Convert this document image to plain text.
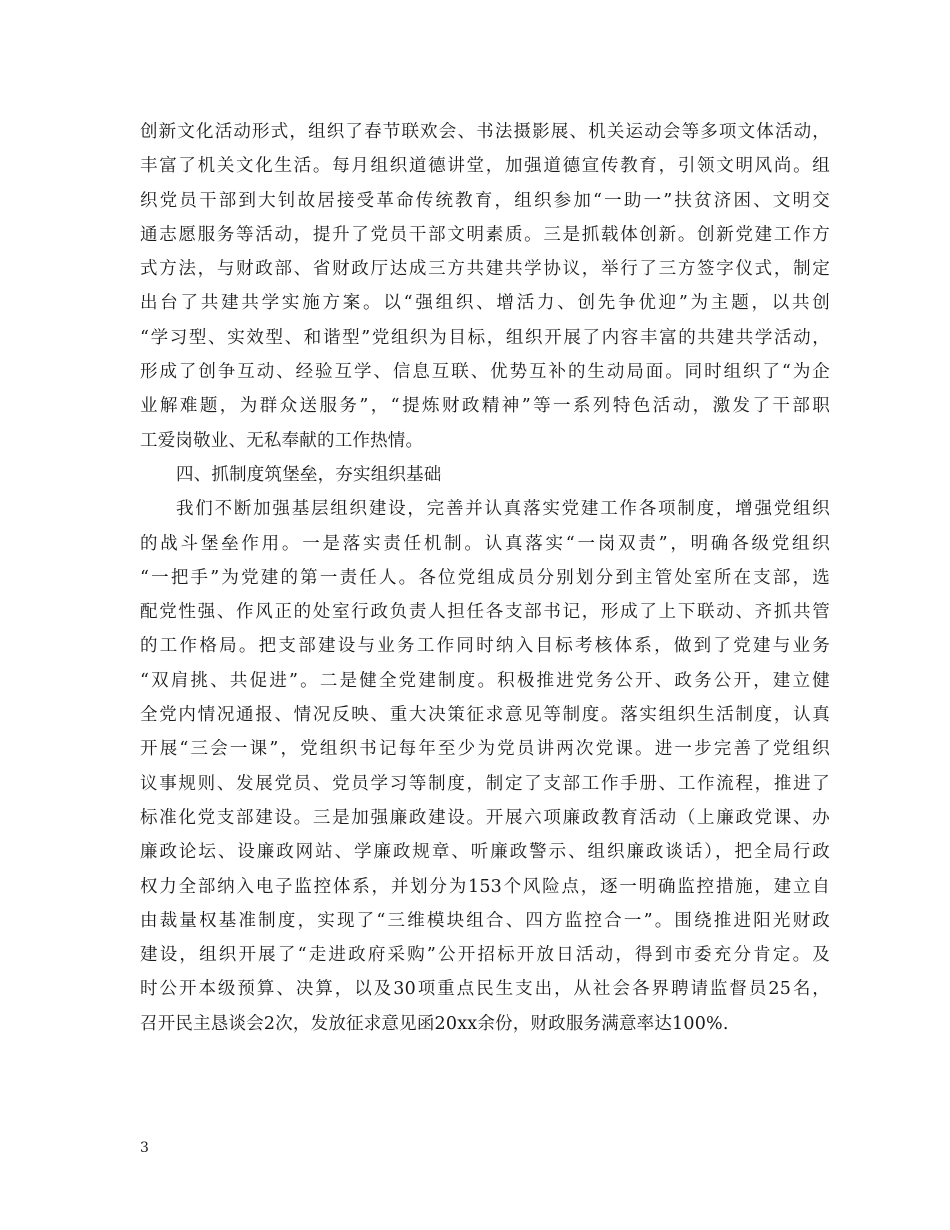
创新文化活动形式，组织了春节联欢会、书法摄影展、机关运动会等多项文体活动，
丰富了机关文化生活。每月组织道德讲堂，加强道德宣传教育，引领文明风尚。组
织党员干部到大钊故居接受革命传统教育，组织参加“一助一”扶贫济困、文明交
通志愿服务等活动，提升了党员干部文明素质。三是抓载体创新。创新党建工作方
式方法，与财政部、省财政厅达成三方共建共学协议，举行了三方签字仪式，制定
出台了共建共学实施方案。以“强组织、增活力、创先争优迎”为主题，以共创
“学习型、实效型、和谐型”党组织为目标，组织开展了内容丰富的共建共学活动，
形成了创争互动、经验互学、信息互联、优势互补的生动局面。同时组织了“为企
业解难题，为群众送服务”，“提炼财政精神”等一系列特色活动，激发了干部职
工爱岗敬业、无私奉献的工作热情。
四、抓制度筑堡垒，夯实组织基础
我们不断加强基层组织建设，完善并认真落实党建工作各项制度，增强党组织
的战斗堡垒作用。一是落实责任机制。认真落实“一岗双责”，明确各级党组织
“一把手”为党建的第一责任人。各位党组成员分别划分到主管处室所在支部，选
配党性强、作风正的处室行政负责人担任各支部书记，形成了上下联动、齐抓共管
的工作格局。把支部建设与业务工作同时纳入目标考核体系，做到了党建与业务
“双肩挑、共促进”。二是健全党建制度。积极推进党务公开、政务公开，建立健
全党内情况通报、情况反映、重大决策征求意见等制度。落实组织生活制度，认真
开展“三会一课”，党组织书记每年至少为党员讲两次党课。进一步完善了党组织
议事规则、发展党员、党员学习等制度，制定了支部工作手册、工作流程，推进了
标准化党支部建设。三是加强廉政建设。开展六项廉政教育活动（上廉政党课、办
廉政论坛、设廉政网站、学廉政规章、听廉政警示、组织廉政谈话），把全局行政
权力全部纳入电子监控体系，并划分为153个风险点，逐一明确监控措施，建立自
由裁量权基准制度，实现了“三维模块组合、四方监控合一”。围绕推进阳光财政
建设，组织开展了“走进政府采购”公开招标开放日活动，得到市委充分肯定。及
时公开本级预算、决算，以及30项重点民生支出，从社会各界聘请监督员25名，
召开民主恳谈会2次，发放征求意见函20xx余份，财政服务满意率达100%.
3
